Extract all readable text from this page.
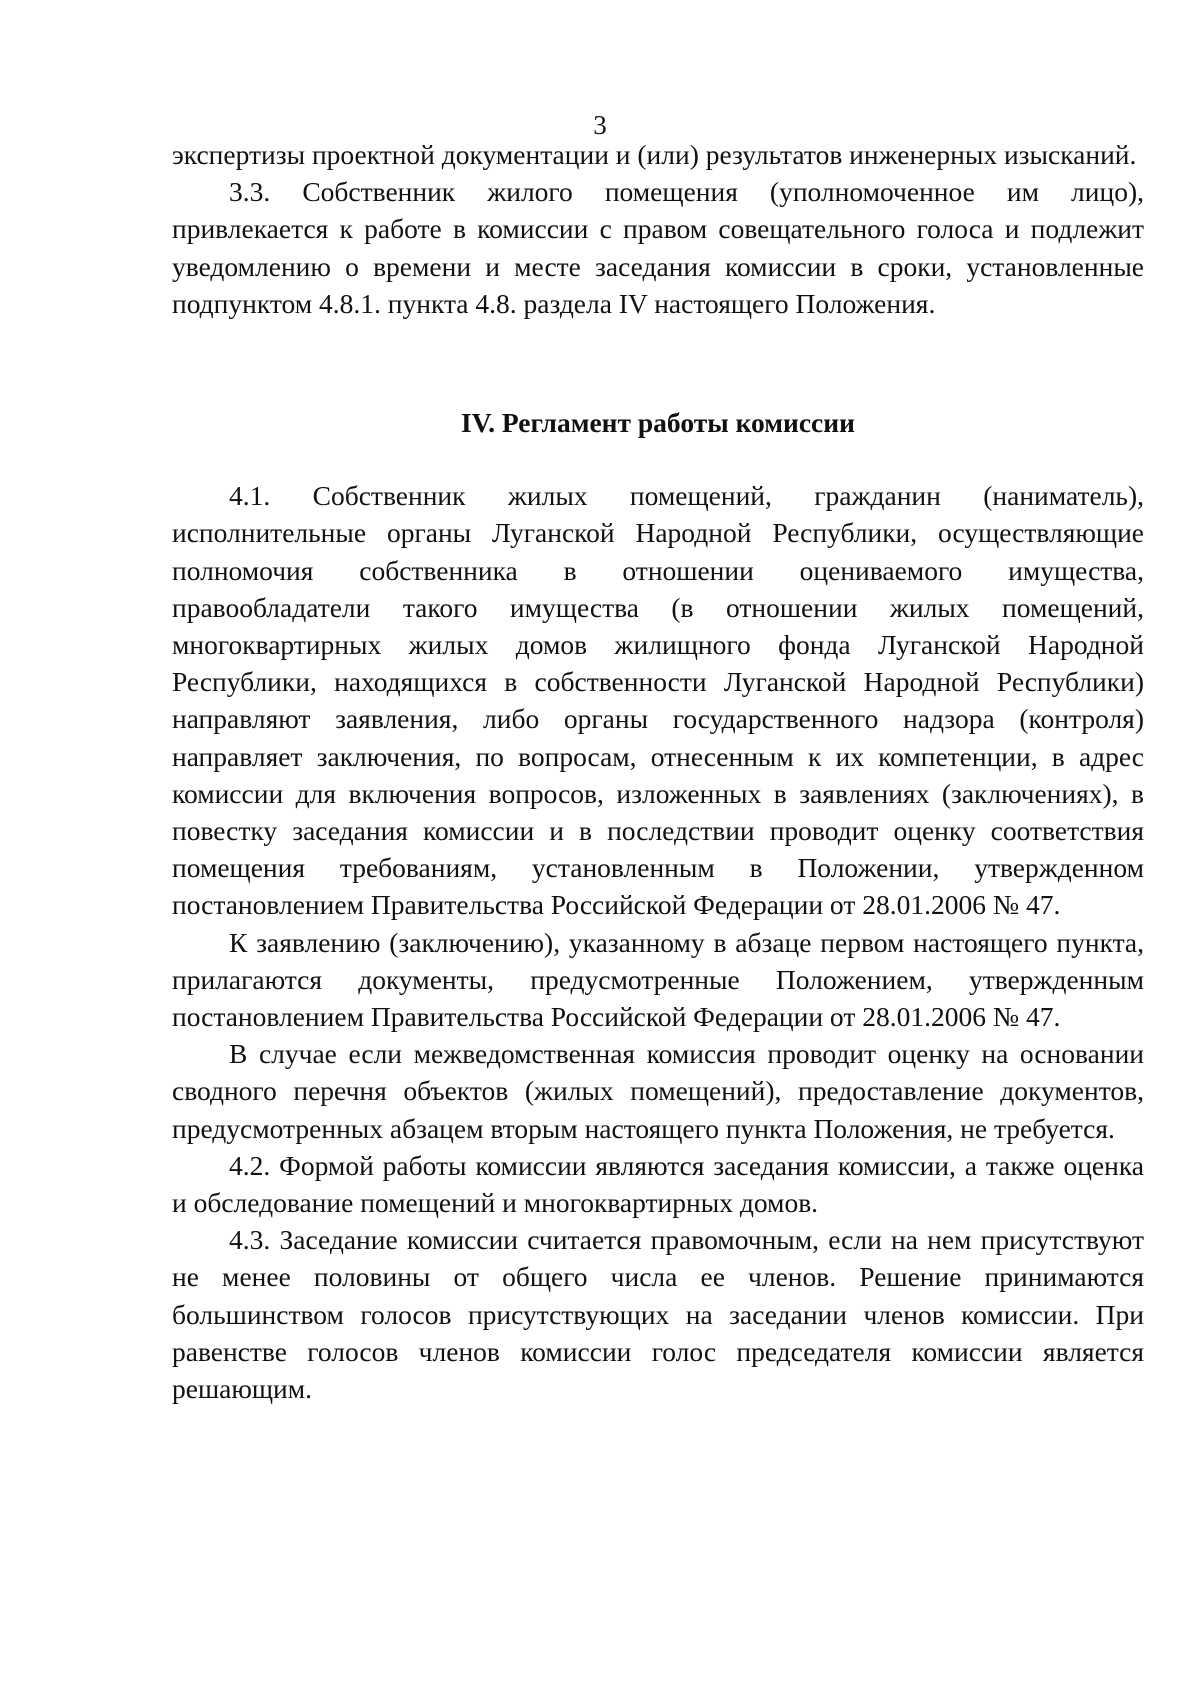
3

экспертизы проектной документации и (или) результатов инженерных изысканий.

3.3. Собственник жилого помещения (уполномоченное им лицо), привлекается к работе в комиссии с правом совещательного голоса и подлежит уведомлению о времени и месте заседания комиссии в сроки, установленные подпунктом 4.8.1. пункта 4.8. раздела IV настоящего Положения.

IV. Регламент работы комиссии

4.1. Собственник жилых помещений, гражданин (наниматель), исполнительные органы Луганской Народной Республики, осуществляющие полномочия собственника в отношении оцениваемого имущества, правообладатели такого имущества (в отношении жилых помещений, многоквартирных жилых домов жилищного фонда Луганской Народной Республики, находящихся в собственности Луганской Народной Республики) направляют заявления, либо органы государственного надзора (контроля) направляет заключения, по вопросам, отнесенным к их компетенции, в адрес комиссии для включения вопросов, изложенных в заявлениях (заключениях), в повестку заседания комиссии и в последствии проводит оценку соответствия помещения требованиям, установленным в Положении, утвержденном постановлением Правительства Российской Федерации от 28.01.2006 № 47.

К заявлению (заключению), указанному в абзаце первом настоящего пункта, прилагаются документы, предусмотренные Положением, утвержденным постановлением Правительства Российской Федерации от 28.01.2006 № 47.

В случае если межведомственная комиссия проводит оценку на основании сводного перечня объектов (жилых помещений), предоставление документов, предусмотренных абзацем вторым настоящего пункта Положения, не требуется.

4.2. Формой работы комиссии являются заседания комиссии, а также оценка и обследование помещений и многоквартирных домов.

4.3. Заседание комиссии считается правомочным, если на нем присутствуют не менее половины от общего числа ее членов. Решение принимаются большинством голосов присутствующих на заседании членов комиссии. При равенстве голосов членов комиссии голос председателя комиссии является решающим.
